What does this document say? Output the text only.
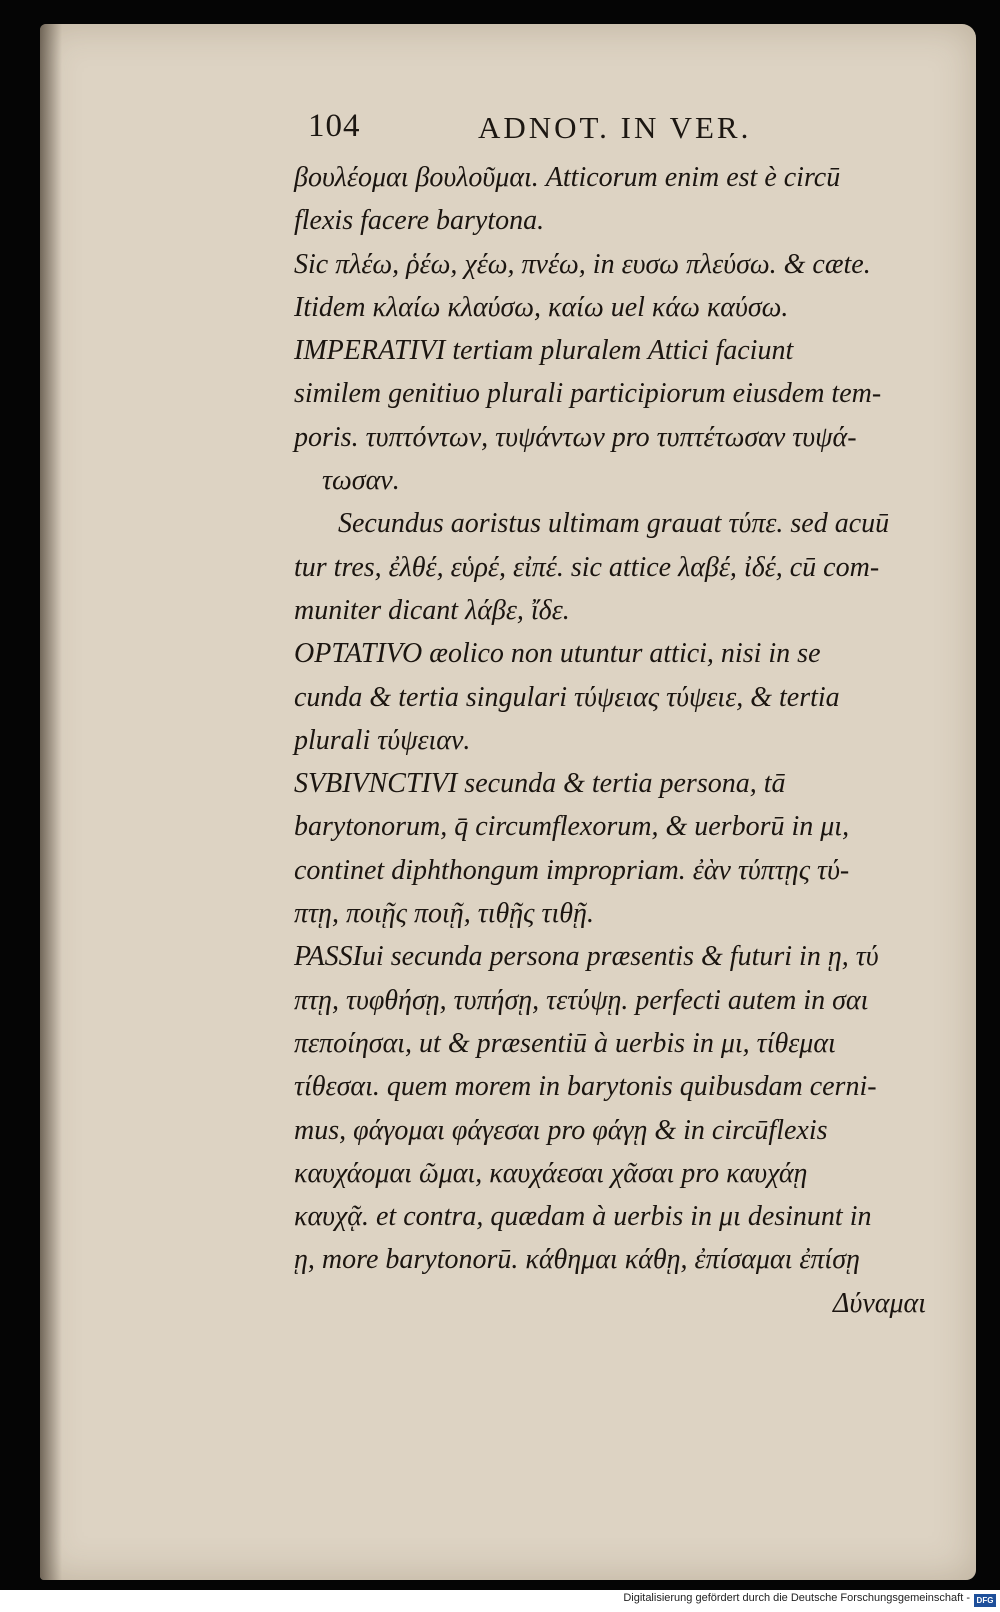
104	ADNOT. IN VER.
βουλέομαι βουλοῦμαι. Atticorum enim est è circū
flexis facere barytona.
Sic πλέω, ῥέω, χέω, πνέω, in ευσω πλεύσω. & cæte.
Itidem κλαίω κλαύσω, καίω uel κάω καύσω.
IMPERATIVI tertiam pluralem Attici faciunt
similem genitiuo plurali participiorum eiusdem tem-
poris. τυπτόντων, τυψάντων pro τυπτέτωσαν τυψά-
τωσαν.
Secundus aoristus ultimam grauat τύπε. sed acuū
tur tres, ἐλθέ, εὑρέ, εἰπέ. sic attice λαβέ, ἰδέ, cū com-
muniter dicant λάβε, ἴδε.
OPTATIVO æolico non utuntur attici, nisi in se
cunda & tertia singulari τύψειας τύψειε, & tertia
plurali τύψειαν.
SVBIVNCTIVI secunda & tertia persona, tā
barytonorum, q̄ circumflexorum, & uerborū in μι,
continet diphthongum impropriam. ἐὰν τύπτῃς τύ-
πτῃ, ποιῇς ποιῇ, τιθῇς τιθῇ.
PASSIui secunda persona præsentis & futuri in ῃ, τύ
πτῃ, τυφθήσῃ, τυπήσῃ, τετύψῃ. perfecti autem in σαι
πεποίησαι, ut & præsentiū à uerbis in μι, τίθεμαι
τίθεσαι. quem morem in barytonis quibusdam cerni-
mus, φάγομαι φάγεσαι pro φάγῃ & in circūflexis
καυχάομαι ῶμαι, καυχάεσαι χᾶσαι pro καυχάῃ
καυχᾷ. et contra, quædam à uerbis in μι desinunt in
ῃ, more barytonorū. κάθημαι κάθῃ, ἐπίσαμαι ἐπίσῃ
Δύναμαι
Digitalisierung gefördert durch die Deutsche Forschungsgemeinschaft - DFG
